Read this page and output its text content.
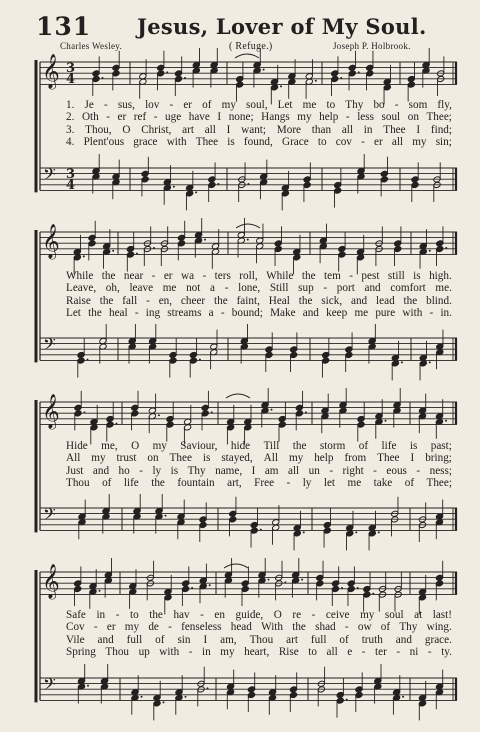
131 Jesus, Lover of My Soul.
Charles Wesley.	( Refuge.)	Joseph P. Holbrook.
𝄞
𝄢
3
4
3
4
𝄞
𝄢
𝄞
𝄢
𝄞
𝄢
1. Je - sus, lov - er of my soul, Let me to Thy bo - som fly,
2. Oth - er ref - uge have I none; Hangs my help - less soul on Thee;
3. Thou, O Christ, art all I want; More than all in Thee I find;
4. Plent'ous grace with Thee is found, Grace to cov - er all my sin;
While the near - er wa - ters roll, While the tem - pest still is high.
Leave, oh, leave me not a - lone, Still sup - port and comfort me.
Raise the fall - en, cheer the faint, Heal the sick, and lead the blind.
Let the heal - ing streams a - bound; Make and keep me pure with - in.
Hide me, O my Saviour, hide Till the storm of life is past;
All my trust on Thee is stayed, All my help from Thee I bring;
Just and ho - ly is Thy name, I am all un - right - eous - ness;
Thou of life the fountain art, Free - ly let me take of Thee;
Safe in - to the hav - en guide, O re - ceive my soul at last!
Cov - er my de - fenseless head With the shad - ow of Thy wing.
Vile and full of sin I am, Thou art full of truth and grace.
Spring Thou up with - in my heart, Rise to all e - ter - ni - ty.
